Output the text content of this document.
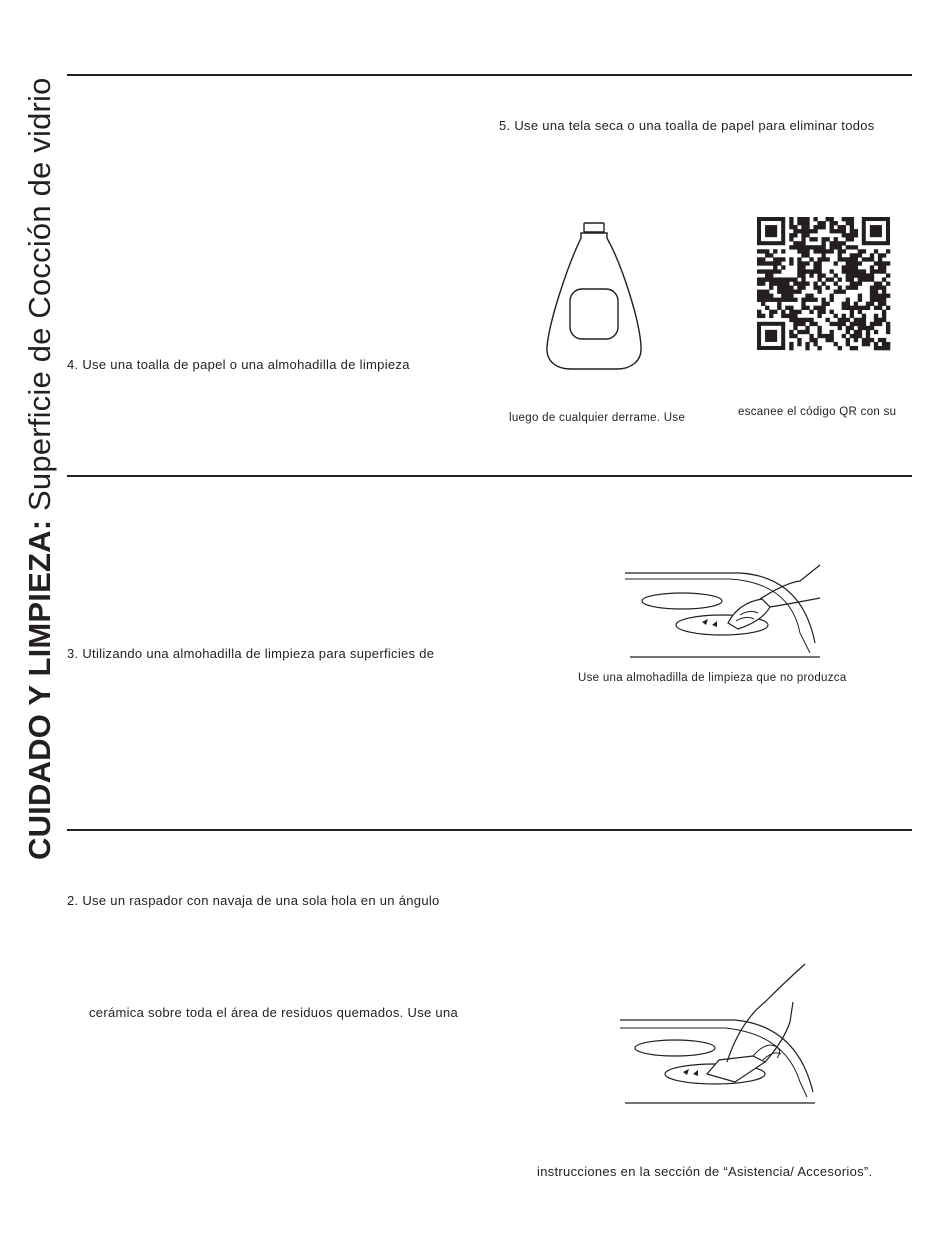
CUIDADO Y LIMPIEZA: Superficie de Cocción de vidrio	5. Use una tela seca o una toalla de papel para eliminar todos
luego de cualquier derrame. Use	escanee el código QR con su
4. Use una toalla de papel o una almohadilla de limpieza
Use una almohadilla de limpieza que no produzca
3. Utilizando una almohadilla de limpieza para superficies de
2. Use un raspador con navaja de una sola hola en un ángulo
cerámica sobre toda el área de residuos quemados. Use una
instrucciones en la sección de “Asistencia/ Accesorios”.
